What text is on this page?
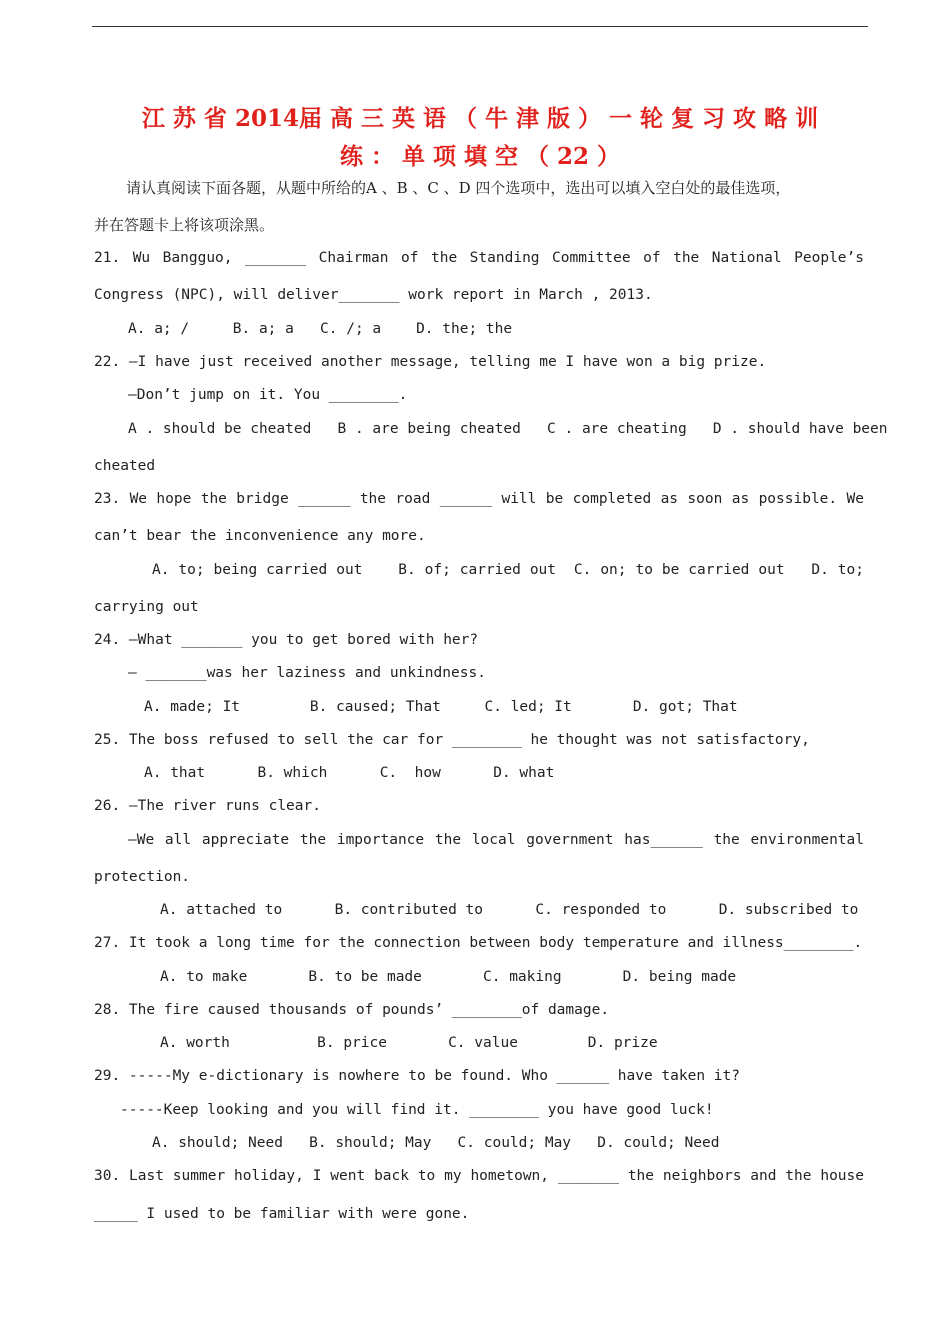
江 苏 省 2014届 高 三 英 语 （ 牛 津 版 ） 一 轮 复 习 攻 略 训
练 ： 单 项 填 空 （ 22 ）
请认真阅读下面各题，从题中所给的A 、B 、C 、D 四个选项中，选出可以填入空白处的最佳选项，
并在答题卡上将该项涂黑。
21. Wu Bangguo, _______ Chairman of the Standing Committee of the National People’s
Congress (NPC), will deliver_______ work report in March , 2013.
A. a; /     B. a; a   C. /; a    D. the; the
22. —I have just received another message, telling me I have won a big prize.
—Don’t jump on it. You ________.
A . should be cheated   B . are being cheated   C . are cheating   D . should have been
cheated
23. We hope the bridge ______ the road ______ will be completed as soon as possible. We
can’t bear the inconvenience any more.
A. to; being carried out    B. of; carried out  C. on; to be carried out   D. to;
carrying out
24. —What _______ you to get bored with her?
— _______was her laziness and unkindness.
A. made; It        B. caused; That     C. led; It       D. got; That
25. The boss refused to sell the car for ________ he thought was not satisfactory,
A. that      B. which      C.  how      D. what
26. —The river runs clear.
—We all appreciate the importance the local government has______ the environmental
protection.
A. attached to      B. contributed to      C. responded to      D. subscribed to
27. It took a long time for the connection between body temperature and illness________.
A. to make       B. to be made       C. making       D. being made
28. The fire caused thousands of pounds’ ________of damage.
A. worth          B. price       C. value        D. prize
29. -----My e-dictionary is nowhere to be found. Who ______ have taken it?
-----Keep looking and you will find it. ________ you have good luck!
A. should; Need   B. should; May   C. could; May   D. could; Need
30. Last summer holiday, I went back to my hometown, _______ the neighbors and the house
_____ I used to be familiar with were gone.
